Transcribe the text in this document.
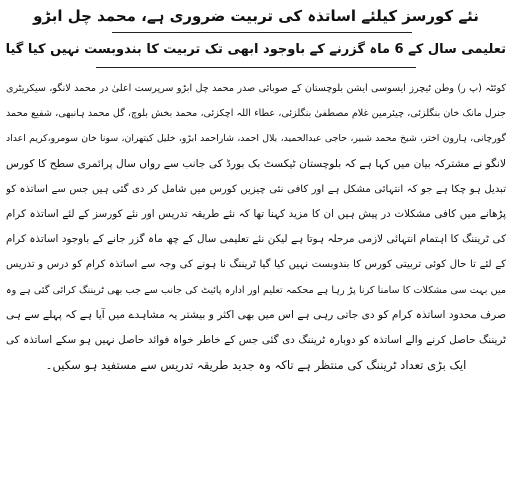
نئے کورسز کیلئے اساتذہ کی تربیت ضروری ہے، محمد چل ابڑو
تعلیمی سال کے 6 ماہ گزرنے کے باوجود ابھی تک تربیت کا بندوبست نہیں کیا گیا
کوئٹہ (پ ر) وطن ٹیچرز ایسوسی ایشن بلوچستان کے صوبائی صدر محمد چل ابڑو سرپرست اعلیٰ در محمد لانگو، سیکریٹری
جنرل مانک خان بنگلزئی، چیئرمین غلام مصطفیٰ بنگلزئی، عطاء اللہ اچکزئی، محمد بخش بلوچ، گل محمد ہانبھی، شفیع محمد
گورچانی، ہارون اختر، شیخ محمد شبیر، حاجی عبدالحمید، بلال احمد، شاراحمد ابڑو، خلیل کیتھران، سونا خان سومرو،کریم اعداد
لانگو نے مشترکہ بیان میں کہا ہے کہ بلوچستان ٹیکسٹ بک بورڈ کی جانب سے رواں سال پرائمری سطح کا کورس
تبدیل ہو چکا ہے جو کہ انتہائی مشکل ہے اور کافی نئی چیزیں کورس میں شامل کر دی گئی ہیں جس سے اساتذہ کو
پڑھانے میں کافی مشکلات در پیش ہیں ان کا مزید کہنا تھا کہ نئے طریقہ تدریس اور نئے کورسز کے لئے اساتذہ کرام
کی ٹریننگ کا اہتمام انتہائی لازمی مرحلہ ہوتا ہے لیکن نئے تعلیمی سال کے چھ ماہ گزر جانے کے باوجود اساتذہ کرام
کے لئے تا حال کوئی تربیتی کورس کا بندوبست نہیں کیا گیا ٹریننگ نا ہونے کی وجہ سے اساتذہ کرام کو درس و تدریس
میں بہت سی مشکلات کا سامنا کرنا پڑ رہا ہے محکمہ تعلیم اور ادارہ پائیٹ کی جانب سے جب بھی ٹریننگ کرائی گئی ہے وہ
صرف محدود اساتذہ کرام کو دی جاتی رہی ہے اس میں بھی اکثر و بیشتر یہ مشاہدے میں آیا ہے کہ پہلے سے ہی
ٹریننگ حاصل کرنے والے اساتذہ کو دوبارہ ٹریننگ دی گئی جس کے خاطر خواہ فوائد حاصل نہیں ہو سکے اساتذہ کی
ایک بڑی تعداد ٹریننگ کی منتظر ہے تاکہ وہ جدید طریقہ تدریس سے مستفید ہو سکیں۔
